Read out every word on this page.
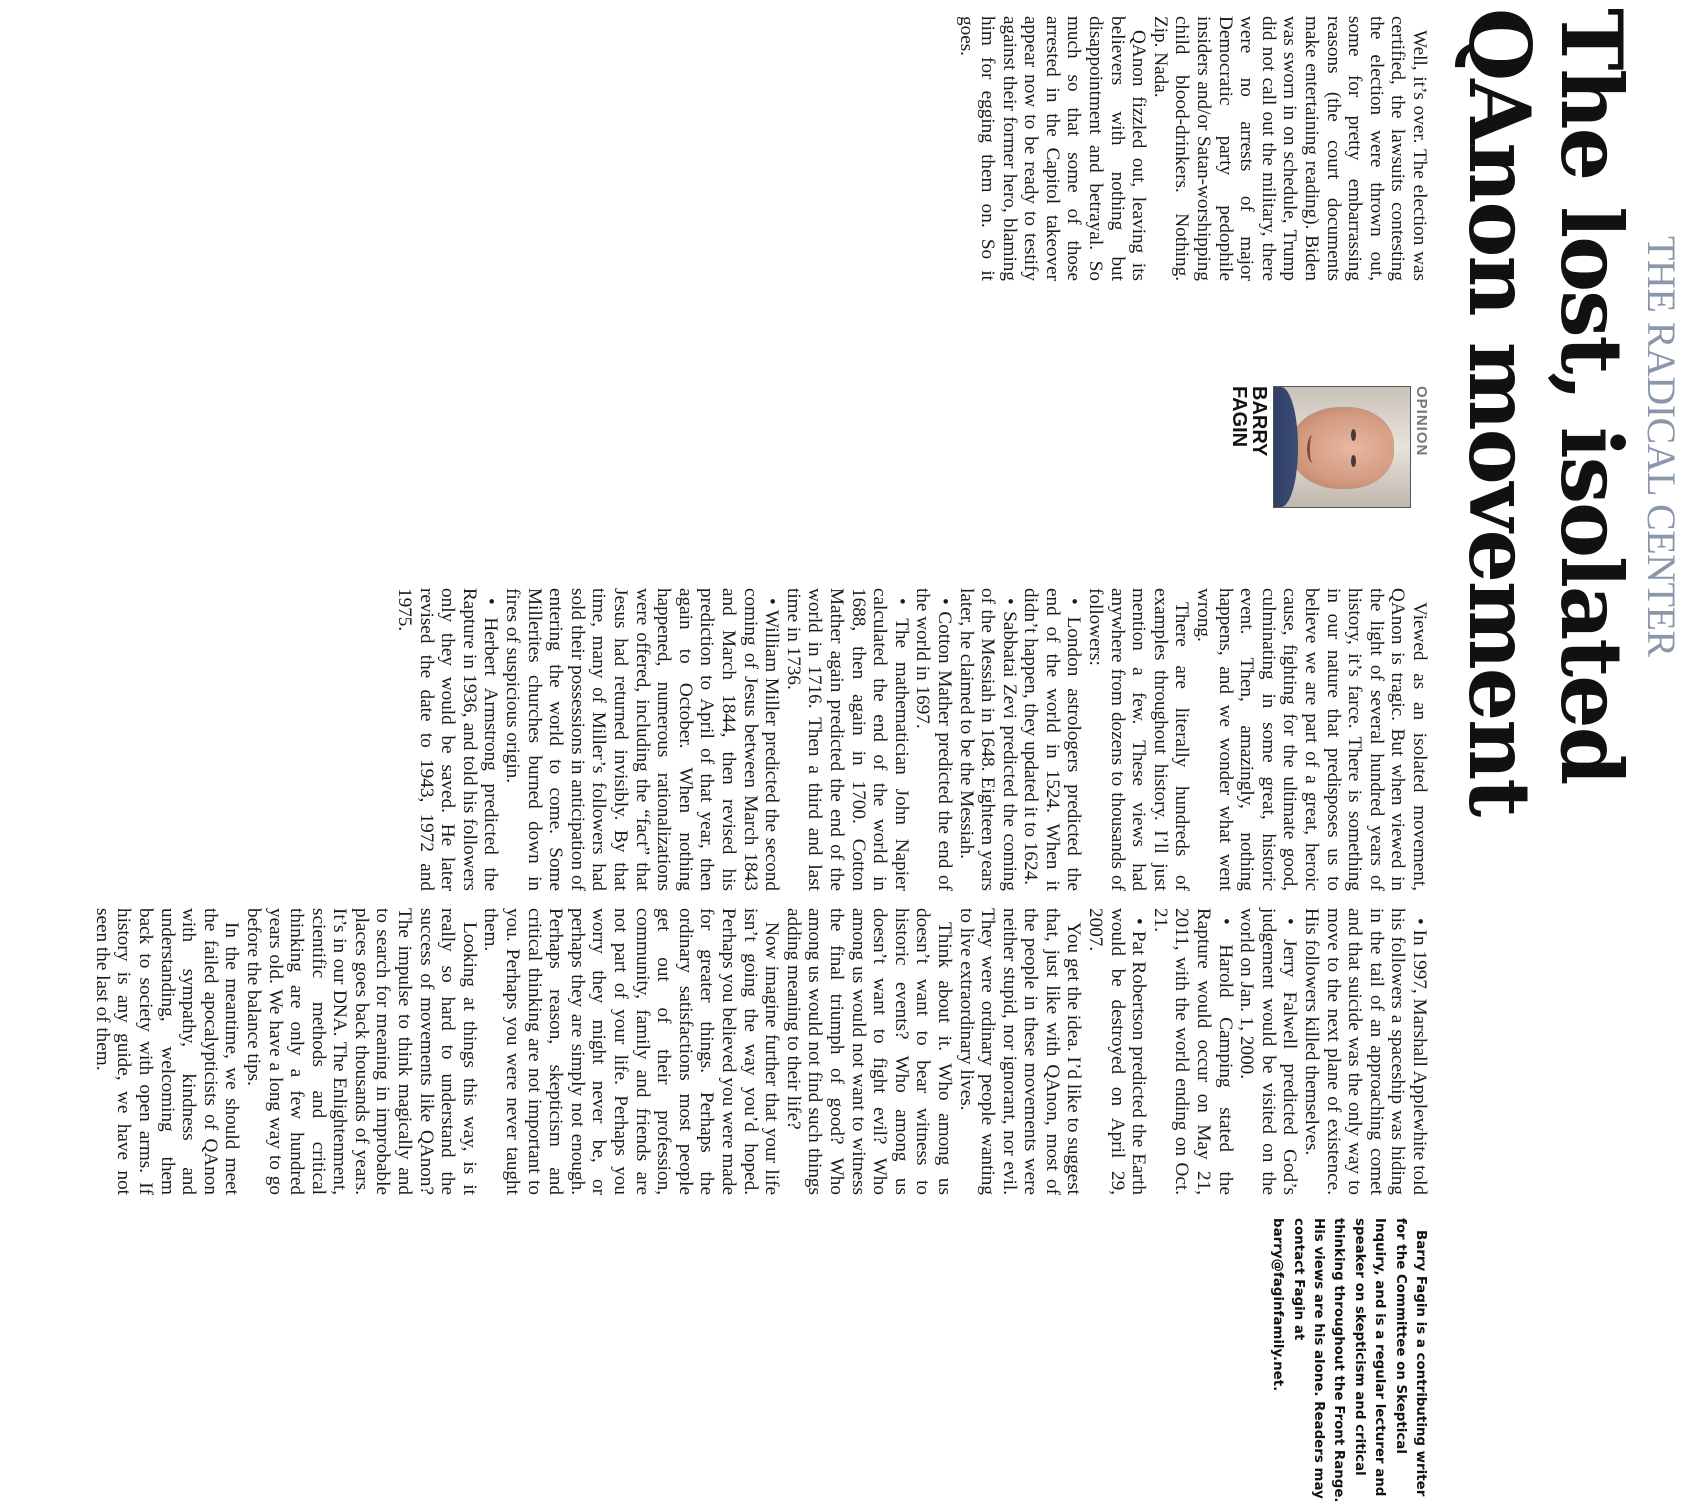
THE RADICAL CENTER
The lost, isolated QAnon movement

Well, it’s over. The election was certified, the lawsuits contesting the election were thrown out, some for pretty embarrassing reasons (the court documents make entertaining reading). Biden was sworn in on schedule, Trump did not call out the military, there were no arrests of major Democratic party pedophile insiders and/or Satan-worshipping child blood-drinkers. Nothing. Zip. Nada.

QAnon fizzled out, leaving its believers with nothing but disappointment and betrayal. So much so that some of those arrested in the Capitol takeover appear now to be ready to testify against their former hero, blaming him for egging them on. So it goes.

OPINION
BARRY
FAGIN

Viewed as an isolated movement, QAnon is tragic. But when viewed in the light of several hundred years of history, it’s farce. There is something in our nature that predisposes us to believe we are part of a great, heroic cause, fighting for the ultimate good, culminating in some great, historic event. Then, amazingly, nothing happens, and we wonder what went wrong.

There are literally hundreds of examples throughout history. I’ll just mention a few. These views had anywhere from dozens to thousands of followers:

• London astrologers predicted the end of the world in 1524. When it didn’t happen, they updated it to 1624.

• Sabbatai Zevi predicted the coming of the Messiah in 1648. Eighteen years later, he claimed to be the Messiah.

• Cotton Mather predicted the end of the world in 1697.

• The mathematician John Napier calculated the end of the world in 1688, then again in 1700. Cotton Mather again predicted the end of the world in 1716. Then a third and last time in 1736.

• William Miller predicted the second coming of Jesus between March 1843 and March 1844, then revised his prediction to April of that year, then again to October. When nothing happened, numerous rationalizations were offered, including the “fact” that Jesus had returned invisibly. By that time, many of Miller’s followers had sold their possessions in anticipation of entering the world to come. Some Millerites churches burned down in fires of suspicious origin.

• Herbert Armstrong predicted the Rapture in 1936, and told his followers only they would be saved. He later revised the date to 1943, 1972 and 1975.

• In 1997, Marshall Applewhite told his followers a spaceship was hiding in the tail of an approaching comet and that suicide was the only way to move to the next plane of existence. His followers killed themselves.

• Jerry Falwell predicted God’s judgement would be visited on the world on Jan. 1, 2000.

• Harold Camping stated the Rapture would occur on May 21, 2011, with the world ending on Oct. 21.

• Pat Robertson predicted the Earth would be destroyed on April 29, 2007.

You get the idea. I’d like to suggest that, just like with QAnon, most of the people in these movements were neither stupid, nor ignorant, nor evil. They were ordinary people wanting to live extraordinary lives.

Think about it. Who among us doesn’t want to bear witness to historic events? Who among us doesn’t want to fight evil? Who among us would not want to witness the final triumph of good? Who among us would not find such things adding meaning to their life?

Now imagine further that your life isn’t going the way you’d hoped. Perhaps you believed you were made for greater things. Perhaps the ordinary satisfactions most people get out of their profession, community, family and friends are not part of your life. Perhaps you worry they might never be, or perhaps they are simply not enough. Perhaps reason, skepticism and critical thinking are not important to you. Perhaps you were never taught them.

Looking at things this way, is it really so hard to understand the success of movements like QAnon? The impulse to think magically and to search for meaning in improbable places goes back thousands of years. It’s in our DNA. The Enlightenment, scientific methods and critical thinking are only a few hundred years old. We have a long way to go before the balance tips.

In the meantime, we should meet the failed apocalypticists of QAnon with sympathy, kindness and understanding, welcoming them back to society with open arms. If history is any guide, we have not seen the last of them.

Barry Fagin is a contributing writer for the Committee on Skeptical Inquiry, and is a regular lecturer and speaker on skepticism and critical thinking throughout the Front Range. His views are his alone. Readers may contact Fagin at barry@faginfamily.net.
